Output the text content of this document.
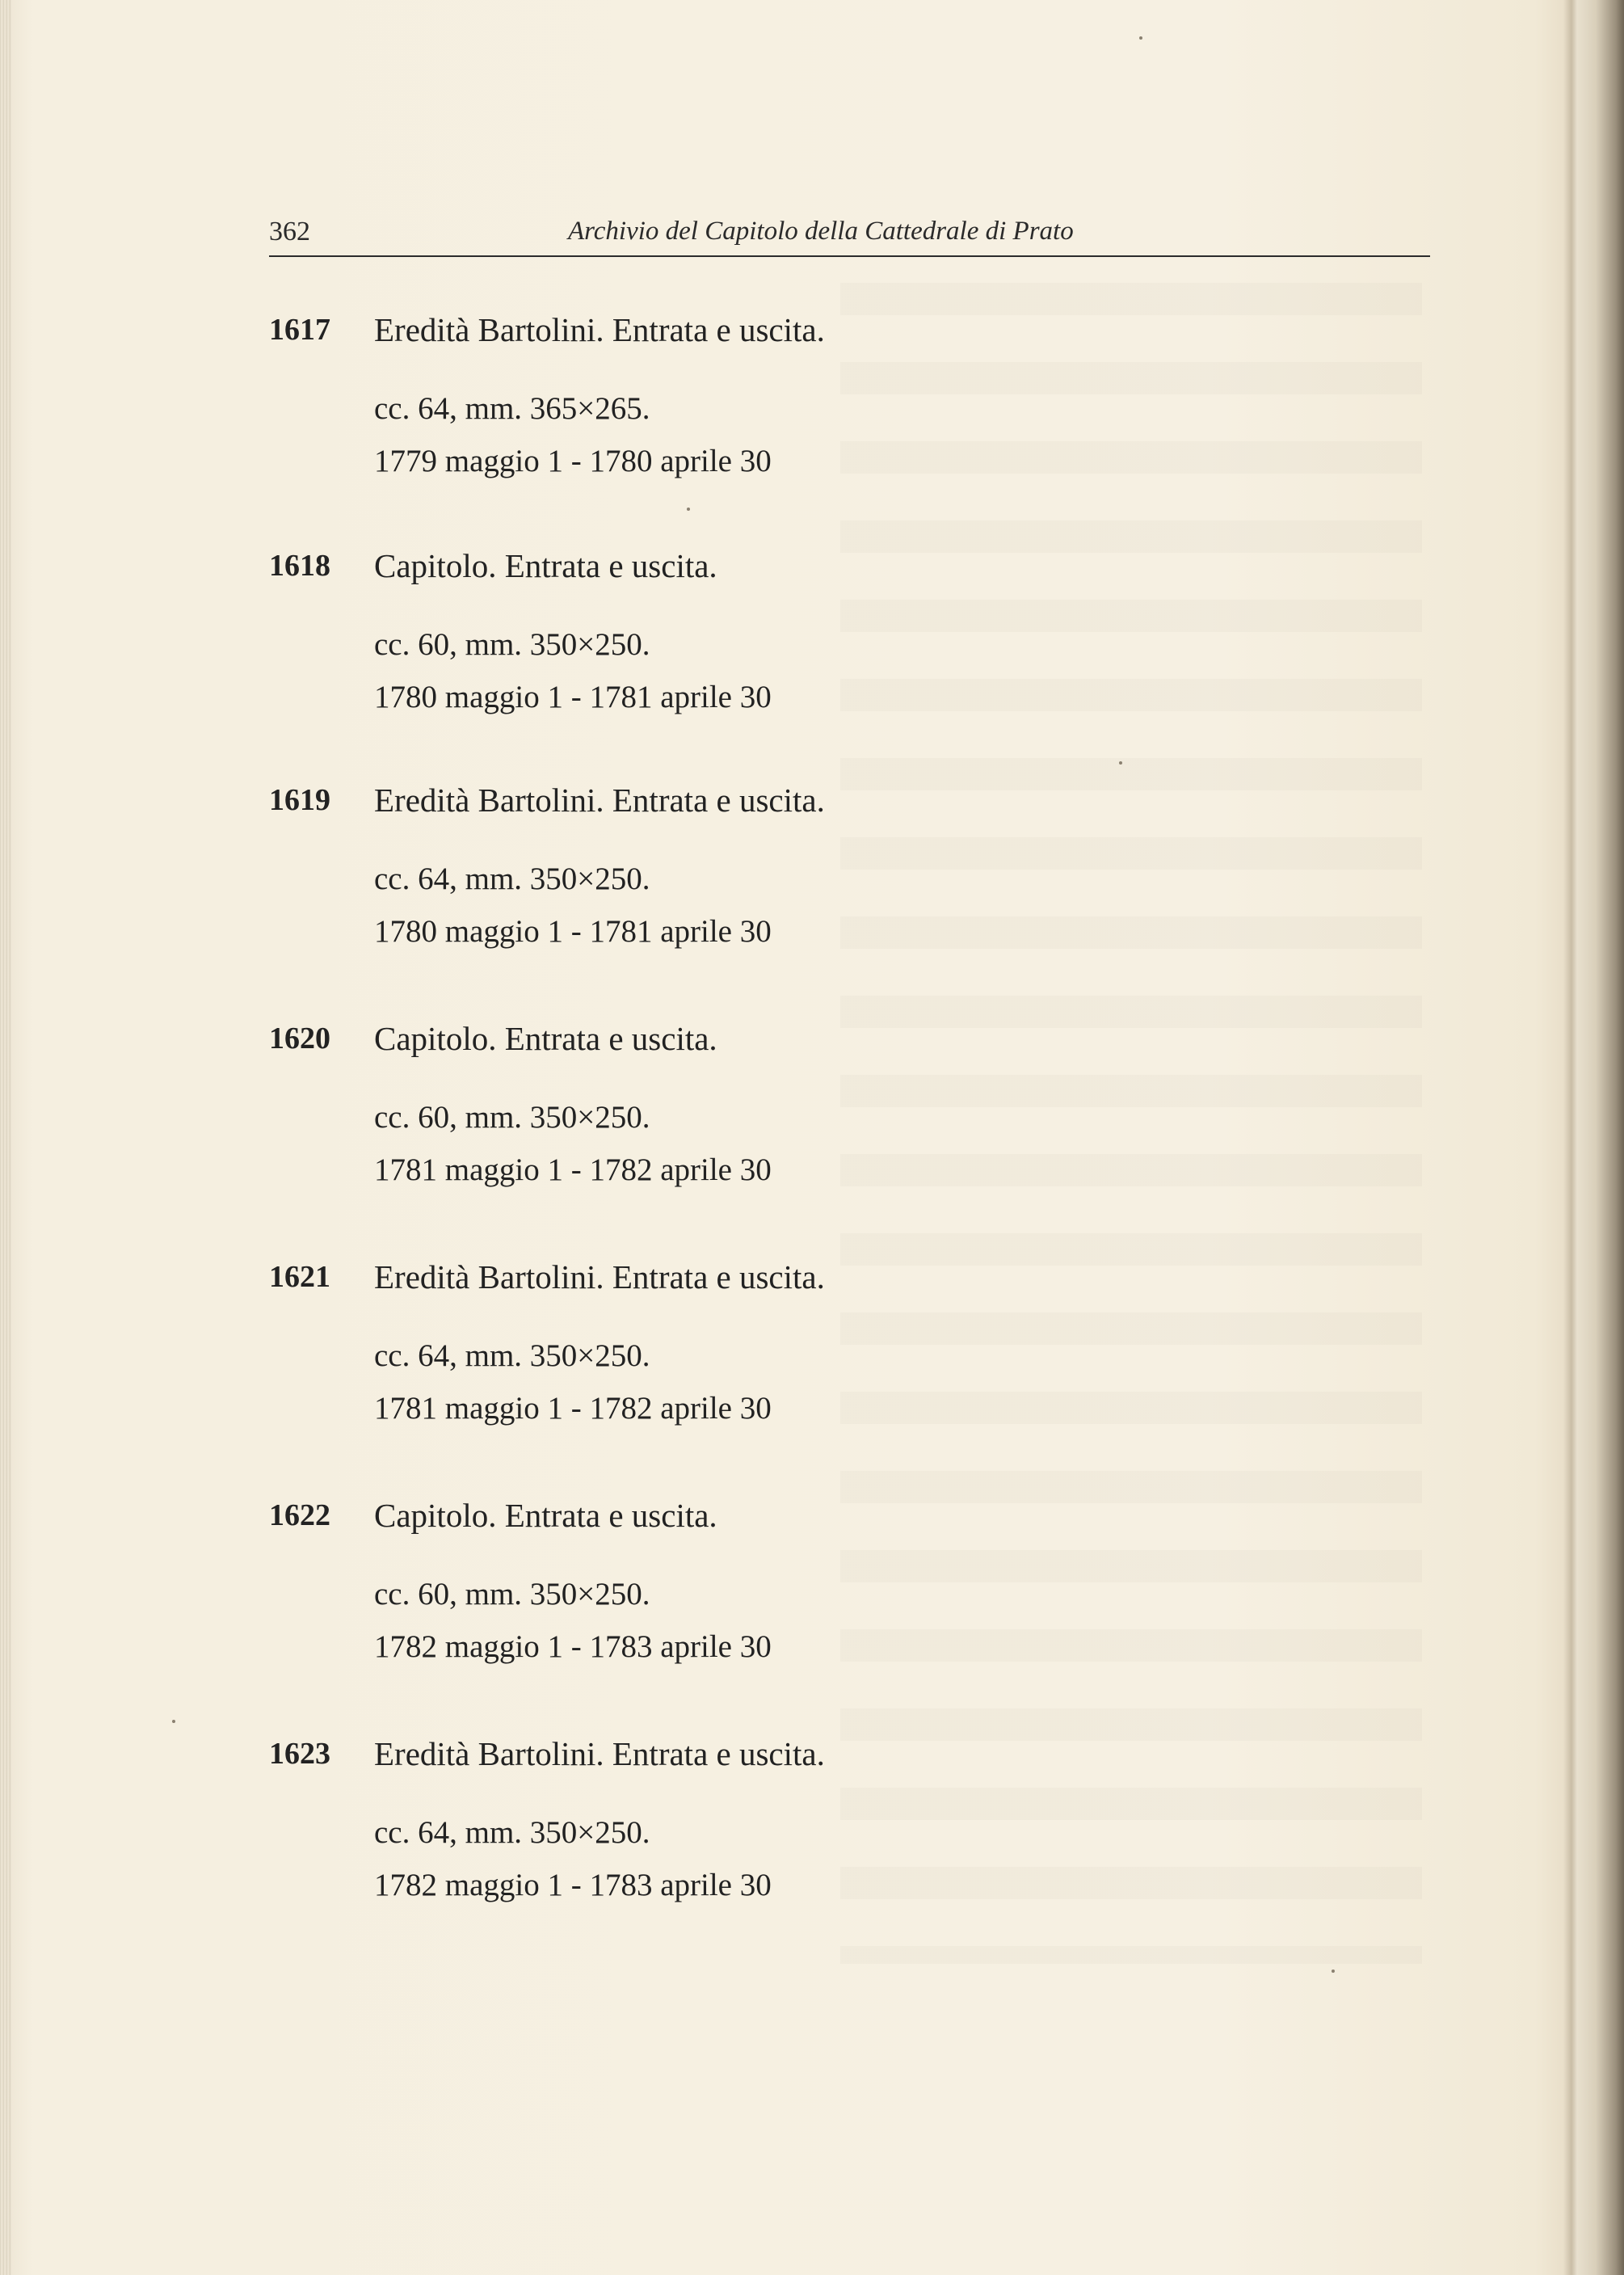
362	Archivio del Capitolo della Cattedrale di Prato
1617 Eredità Bartolini. Entrata e uscita.
cc. 64, mm. 365×265.
1779 maggio 1 - 1780 aprile 30
1618 Capitolo. Entrata e uscita.
cc. 60, mm. 350×250.
1780 maggio 1 - 1781 aprile 30
1619 Eredità Bartolini. Entrata e uscita.
cc. 64, mm. 350×250.
1780 maggio 1 - 1781 aprile 30
1620 Capitolo. Entrata e uscita.
cc. 60, mm. 350×250.
1781 maggio 1 - 1782 aprile 30
1621 Eredità Bartolini. Entrata e uscita.
cc. 64, mm. 350×250.
1781 maggio 1 - 1782 aprile 30
1622 Capitolo. Entrata e uscita.
cc. 60, mm. 350×250.
1782 maggio 1 - 1783 aprile 30
1623 Eredità Bartolini. Entrata e uscita.
cc. 64, mm. 350×250.
1782 maggio 1 - 1783 aprile 30
